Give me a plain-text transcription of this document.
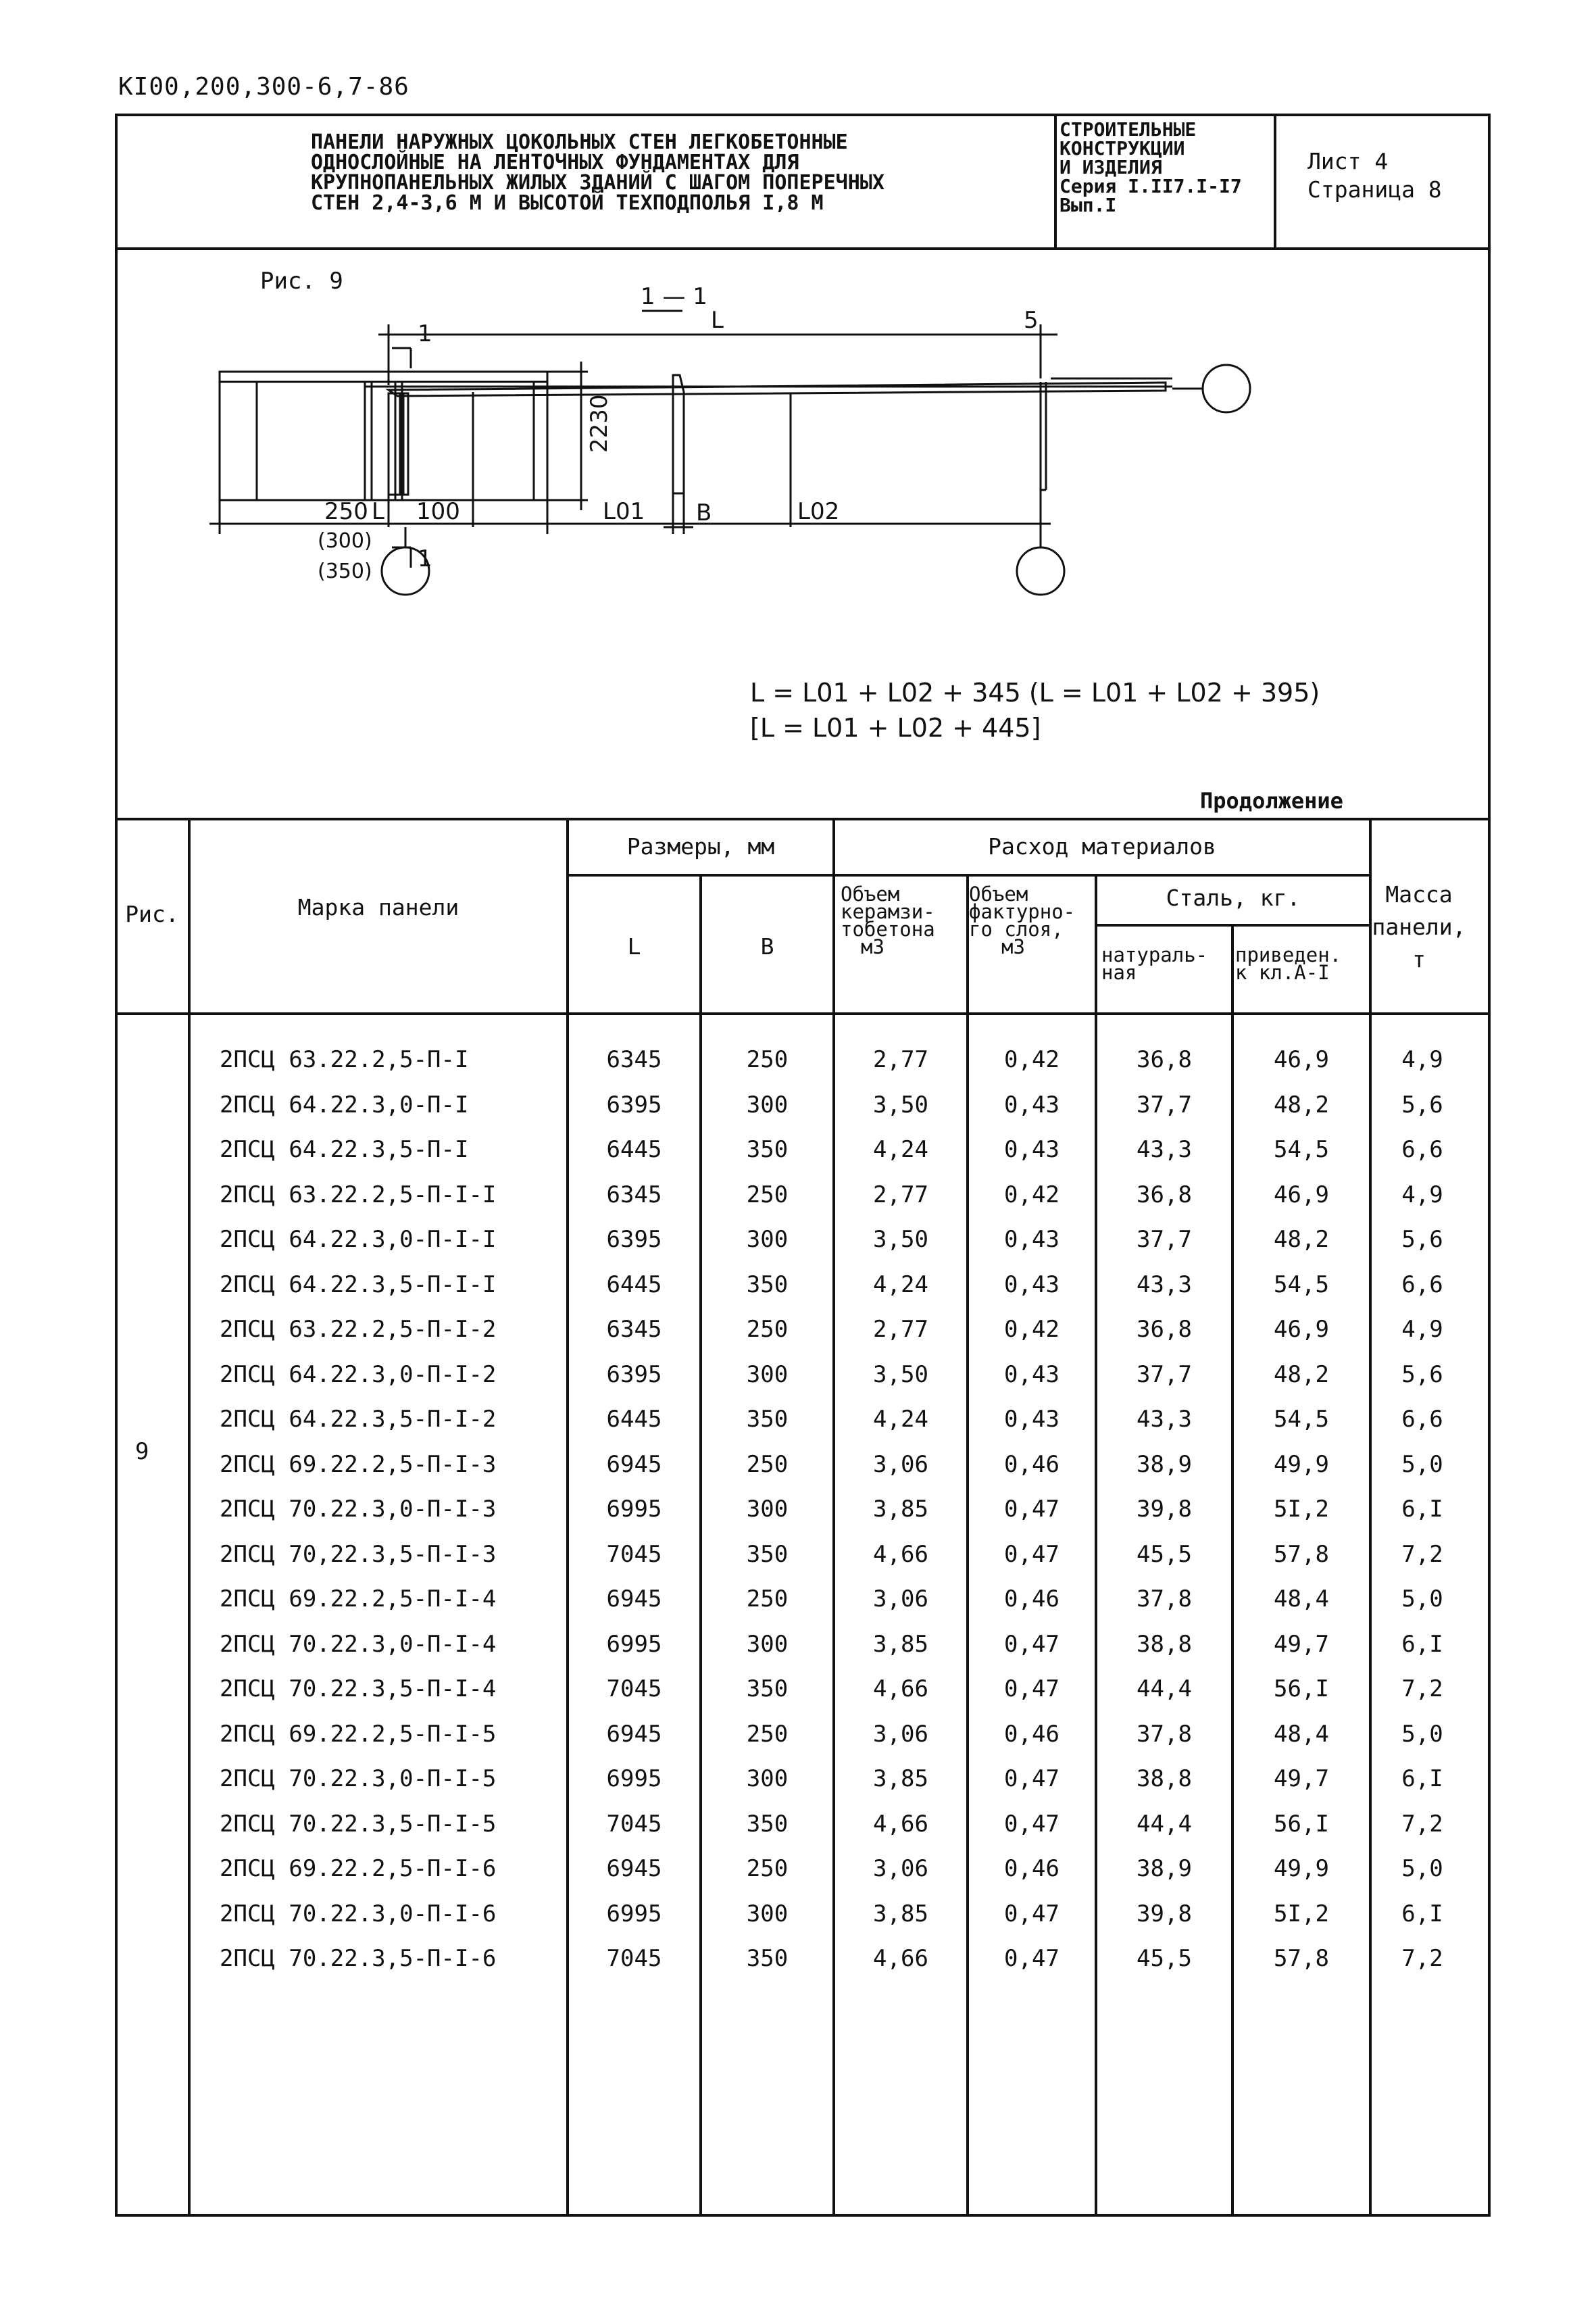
KI00,200,300-6,7-86
ПАНЕЛИ НАРУЖНЫХ ЦОКОЛЬНЫХ СТЕН ЛЕГКОБЕТОННЫЕ
ОДНОСЛОЙНЫЕ НА ЛЕНТОЧНЫХ ФУНДАМЕНТАХ ДЛЯ
КРУПНОПАНЕЛЬНЫХ ЖИЛЫХ ЗДАНИЙ С ШАГОМ ПОПЕРЕЧНЫХ
СТЕН 2,4-3,6 М И ВЫСОТОЙ ТЕХПОДПОЛЬЯ I,8 М
СТРОИТЕЛЬНЫЕ
КОНСТРУКЦИИ
И ИЗДЕЛИЯ
Серия I.II7.I-I7
Вып.I
Лист 4
Страница 8
Рис. 9
1
1
L
2230
1 — 1
B
L	5
L02
L01
100
250
(300)
(350)
L = L01 + L02 + 345 (L = L01 + L02 + 395)
[L = L01 + L02 + 445]
Продолжение
Рис.	Марка панели
Размеры, мм
L	B
Расход материалов
Объем
керамзи-
тобетона
м3
Объем
фактурно-
го слоя,
м3
Сталь, кг.
натураль-
ная
приведен.
к кл.А-I
Масса
панели,
т
9
2ПСЦ 63.22.2,5-П-I	6345	250	2,77	0,42	36,8	46,9	4,9
2ПСЦ 64.22.3,0-П-I	6395	300	3,50	0,43	37,7	48,2	5,6
2ПСЦ 64.22.3,5-П-I	6445	350	4,24	0,43	43,3	54,5	6,6
2ПСЦ 63.22.2,5-П-I-I	6345	250	2,77	0,42	36,8	46,9	4,9
2ПСЦ 64.22.3,0-П-I-I	6395	300	3,50	0,43	37,7	48,2	5,6
2ПСЦ 64.22.3,5-П-I-I	6445	350	4,24	0,43	43,3	54,5	6,6
2ПСЦ 63.22.2,5-П-I-2	6345	250	2,77	0,42	36,8	46,9	4,9
2ПСЦ 64.22.3,0-П-I-2	6395	300	3,50	0,43	37,7	48,2	5,6
2ПСЦ 64.22.3,5-П-I-2	6445	350	4,24	0,43	43,3	54,5	6,6
2ПСЦ 69.22.2,5-П-I-3	6945	250	3,06	0,46	38,9	49,9	5,0
2ПСЦ 70.22.3,0-П-I-3	6995	300	3,85	0,47	39,8	5I,2	6,I
2ПСЦ 70,22.3,5-П-I-3	7045	350	4,66	0,47	45,5	57,8	7,2
2ПСЦ 69.22.2,5-П-I-4	6945	250	3,06	0,46	37,8	48,4	5,0
2ПСЦ 70.22.3,0-П-I-4	6995	300	3,85	0,47	38,8	49,7	6,I
2ПСЦ 70.22.3,5-П-I-4	7045	350	4,66	0,47	44,4	56,I	7,2
2ПСЦ 69.22.2,5-П-I-5	6945	250	3,06	0,46	37,8	48,4	5,0
2ПСЦ 70.22.3,0-П-I-5	6995	300	3,85	0,47	38,8	49,7	6,I
2ПСЦ 70.22.3,5-П-I-5	7045	350	4,66	0,47	44,4	56,I	7,2
2ПСЦ 69.22.2,5-П-I-6	6945	250	3,06	0,46	38,9	49,9	5,0
2ПСЦ 70.22.3,0-П-I-6	6995	300	3,85	0,47	39,8	5I,2	6,I
2ПСЦ 70.22.3,5-П-I-6	7045	350	4,66	0,47	45,5	57,8	7,2
